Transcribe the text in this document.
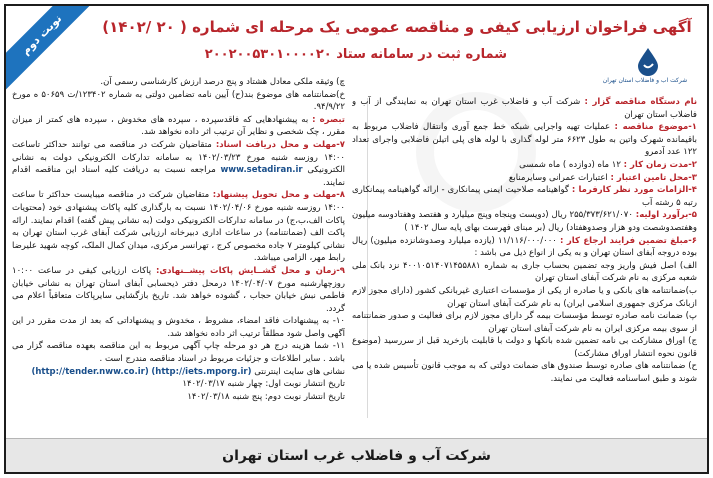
نوبت دوم	آگهی فراخوان ارزیابی کیفی و مناقصه عمومی یک مرحله ای شماره ( ۲۰ /۱۴۰۲)
شماره ثبت در سامانه ستاد ۲۰۰۲۰۰۵۳۰۱۰۰۰۰۲۰
شرکت آب و فاضلاب استان تهران

نام دستگاه مناقصه گزار : شرکت آب و فاضلاب غرب استان تهران به نمایندگی از آب و فاضلاب استان تهران

۱-موضوع مناقصه : عملیات تهیه واجرایی شبکه خط جمع آوری وانتقال فاضلاب مربوط به باقیمانده شهرک واتین به طول ۶۶۲۳ متر لوله گذاری با لوله های پلی اتیلن فاضلابی واجرای تعداد ۱۲۲ عدد آدمرو

۲-مدت زمان کار : ۱۲ ماه (دوازده ) ماه شمسی

۳-محل تامین اعتبار : اعتبارات عمرانی وسایرمنابع

۴-الزامات مورد نظر کارفرما : گواهینامه صلاحیت ایمنی پیمانکاری - ارائه گواهینامه پیمانکاری رتبه ۵ رشته آب

۵-برآورد اولیه: ۲۵۵/۳۷۳/۶۲۱/۰۷۰ ریال (دویست وپنجاه وپنج میلیارد و هفتصد وهفتادوسه میلیون وهفتصدوشصت ودو هزار وصدوهفتاد) ریال (بر مبنای فهرست بهای پایه سال ۱۴۰۲ )

۶-مبلغ تضمین فرایند ارجاع کار : ۱۱/۱۱۶/۰۰۰/۰۰۰ (یازده میلیارد وصدوشانزده میلیون) ریال بوده دروجه آبفای استان تهران و به یکی از انواع ذیل می باشد :

الف) اصل فیش واریز وجه تضمین بحساب جاری به شماره ۴۰۰۱۰۵۱۴۰۷۱۴۵۵۸۸۱ نزد بانک ملی شعبه مرکزی به نام شرکت آبفای استان تهران

ب)ضمانتنامه های بانکی و یا صادره از یکی از مؤسسات اعتباری غیربانکی کشور (دارای مجوز لازم ازبانک مرکزی جمهوری اسلامی ایران) به نام شرکت آبفای استان تهران

پ) ضمانت نامه صادره توسط مؤسسات بیمه گر دارای مجوز لازم برای فعالیت و صدور ضمانتنامه از سوی بیمه مرکزی ایران به نام شرکت آبفای استان تهران

ج) اوراق مشارکت بی نامه تضمین شده بانکها و دولت با قابلیت بازخرید قبل از سررسید (موضوع قانون نحوه انتشار اوراق مشارکت)

ح) ضمانتنامه های صادره توسط صندوق های ضمانت دولتی که به موجب قانون تأسیس شده یا می شوند و طبق اساسنامه فعالیت می نمایند.

چ) وثیقه ملکی معادل هشتاد و پنج درصد ارزش کارشناسی رسمی آن.

خ)ضمانتنامه های موضوع بند(ح) آیین نامه تضامین دولتی به شماره ۱۲۳۴۰۲/ت ۵۰۶۵۹ ه مورخ ۹۴/۹/۲۲.

تبصره : به پیشنهادهایی که فاقدسپرده ، سپرده های مخدوش ، سپرده های کمتر از میزان مقرر ، چک شخصی و نظایر آن ترتیب اثر داده نخواهد شد.

۷-مهلت و محل دریافت اسناد: متقاضیان شرکت در مناقصه می توانند حداکثر تاساعت ۱۴:۰۰ روزسه شنبه مورخ ۱۴۰۲/۰۳/۲۳ به سامانه تدارکات الکترونیکی دولت به نشانی الکترونیکی www.setadiran.ir مراجعه نسبت به دریافت کلیه اسناد این مناقصه اقدام نمایند.

۸-مهلت و محل تحویل پیشنهاد: متقاضیان شرکت در مناقصه میبایست حداکثر تا ساعت ۱۴:۰۰ روزسه شنبه مورخ ۱۴۰۲/۰۴/۰۶ نسبت به بارگذاری کلیه پاکات پیشنهادی خود (محتویات پاکات الف،ب،ج) در سامانه تدارکات الکترونیکی دولت (به نشانی پیش گفته) اقدام نمایند. ارائه پاکت الف (ضمانتنامه) در ساعات اداری دبیرخانه ارزیابی شرکت آبفای غرب استان تهران به نشانی کیلومتر ۷ جاده مخصوص کرج ، تهرانسر مرکزی، میدان کمال الملک، کوچه شهید علیرضا رابط مهر، الزامی میباشد.

۹-زمان و محل گشــایش پاکات پیشــنهادی: پاکات ارزیابی کیفی در ساعت ۱۰:۰۰ روزچهارشنبه مورخ ۱۴۰۲/۰۴/۰۷ درمحل دفتر ذیحسابی آبفای استان تهران به نشانی خیابان فاطمی نبش خیابان حجاب ، گشوده خواهد شد. تاریخ بازگشایی سایرپاکات متعاقباً اعلام می گردد.

۱۰- به پیشنهادات فاقد امضاء، مشروط ، مخدوش و پیشنهاداتی که بعد از مدت مقرر در این آگهی واصل شود مطلقاً ترتیب اثر داده نخواهد شد.

۱۱- شما هزینه درج هر دو مرحله چاپ آگهی مربوط به این مناقصه بعهده مناقصه گزار می باشد . سایر اطلاعات و جزئیات مربوط در اسناد مناقصه مندرج است .

نشانی های سایت اینترنتی (http://tender.nww.co.ir) (http://iets.mporg.ir)

تاریخ انتشار نوبت اول: چهار شنبه ۱۴۰۲/۰۳/۱۷

تاریخ انتشار نوبت دوم: پنج شنبه ۱۴۰۲/۰۳/۱۸

شرکت آب و فاضلاب غرب استان تهران
